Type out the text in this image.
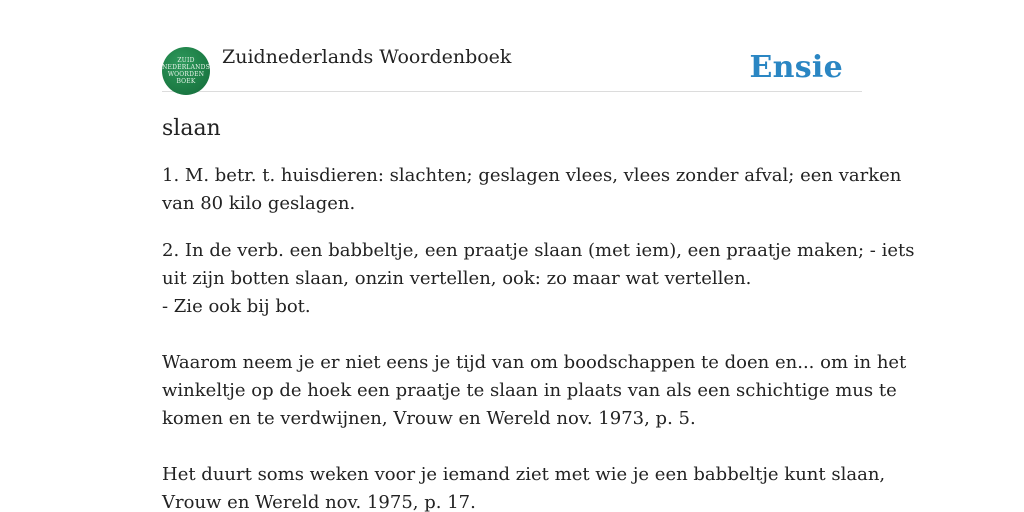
ZUID
NEDERLANDS
WOORDEN
BOEK
Zuidnederlands Woordenboek	Ensie
slaan
1. M. betr. t. huisdieren: slachten; geslagen vlees, vlees zonder afval; een varken
van 80 kilo geslagen.
2. In de verb. een babbeltje, een praatje slaan (met iem), een praatje maken; - iets
uit zijn botten slaan, onzin vertellen, ook: zo maar wat vertellen.
- Zie ook bij bot.
Waarom neem je er niet eens je tijd van om boodschappen te doen en... om in het
winkeltje op de hoek een praatje te slaan in plaats van als een schichtige mus te
komen en te verdwijnen, Vrouw en Wereld nov. 1973, p. 5.
Het duurt soms weken voor je iemand ziet met wie je een babbeltje kunt slaan,
Vrouw en Wereld nov. 1975, p. 17.
